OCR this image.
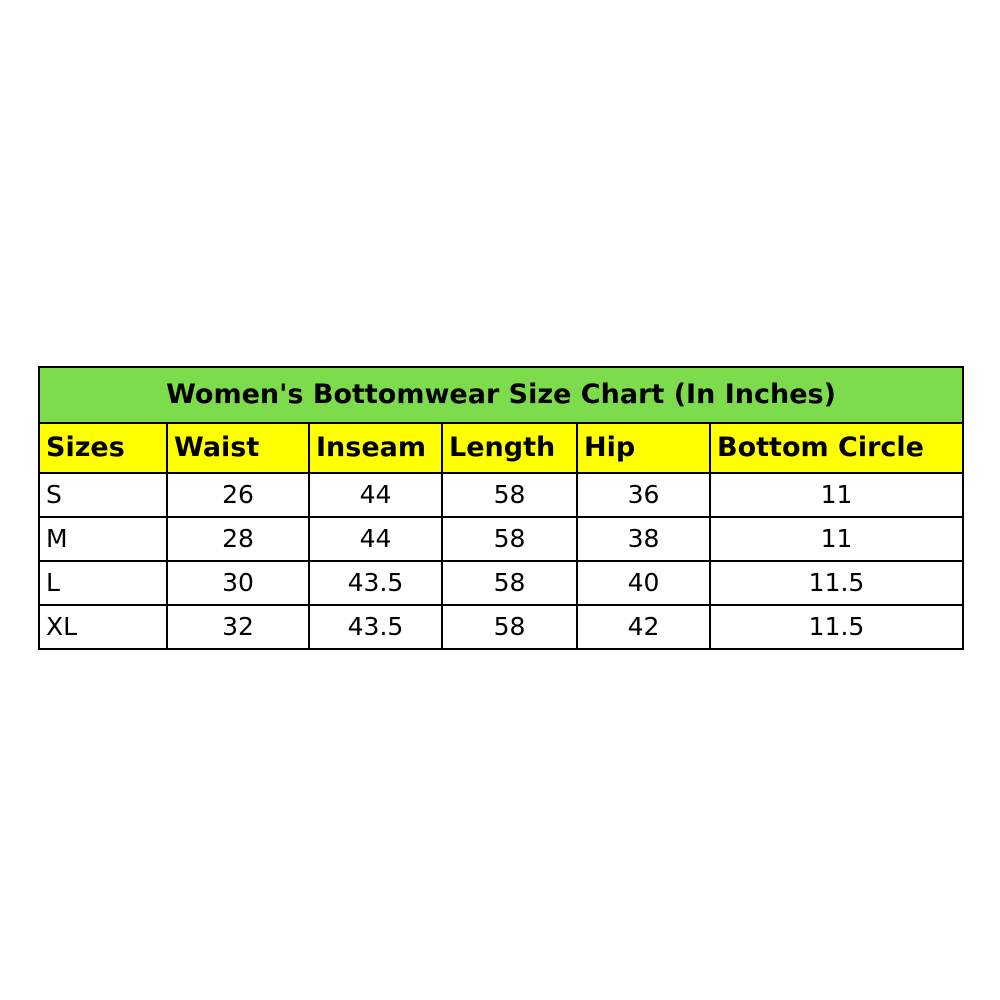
Women's Bottomwear Size Chart (In Inches)					
Sizes	Waist	Inseam	Length	Hip	Bottom Circle
S	26	44	58	36	11
M	28	44	58	38	11
L	30	43.5	58	40	11.5
XL	32	43.5	58	42	11.5
